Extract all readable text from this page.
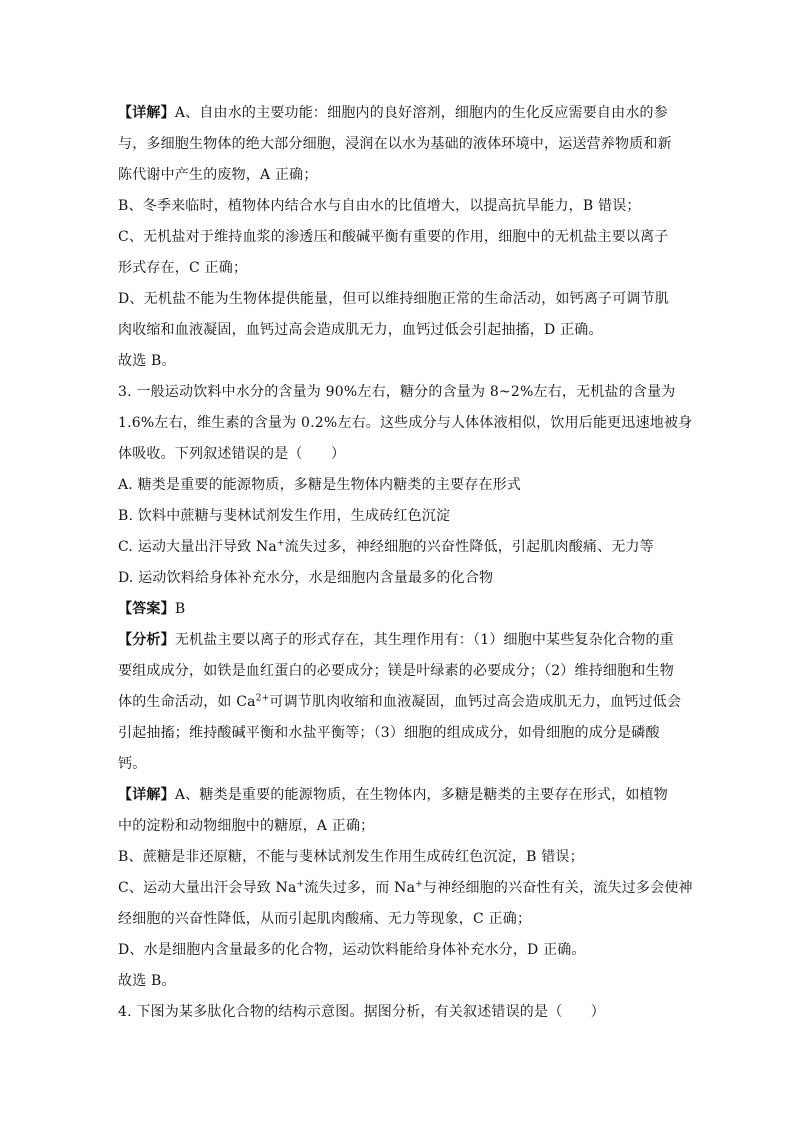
【详解】A、自由水的主要功能：细胞内的良好溶剂，细胞内的生化反应需要自由水的参
与，多细胞生物体的绝大部分细胞，浸润在以水为基础的液体环境中，运送营养物质和新
陈代谢中产生的废物，A 正确；
B、冬季来临时，植物体内结合水与自由水的比值增大，以提高抗旱能力，B 错误；
C、无机盐对于维持血浆的渗透压和酸碱平衡有重要的作用，细胞中的无机盐主要以离子
形式存在，C 正确；
D、无机盐不能为生物体提供能量，但可以维持细胞正常的生命活动，如钙离子可调节肌
肉收缩和血液凝固，血钙过高会造成肌无力，血钙过低会引起抽搐，D 正确。
故选 B。
3. 一般运动饮料中水分的含量为 90%左右，糖分的含量为 8~2%左右，无机盐的含量为
1.6%左右，维生素的含量为 0.2%左右。这些成分与人体体液相似，饮用后能更迅速地被身
体吸收。下列叙述错误的是（　　）
A. 糖类是重要的能源物质，多糖是生物体内糖类的主要存在形式
B. 饮料中蔗糖与斐林试剂发生作用，生成砖红色沉淀
C. 运动大量出汗导致 Na+流失过多，神经细胞的兴奋性降低，引起肌肉酸痛、无力等
D. 运动饮料给身体补充水分，水是细胞内含量最多的化合物
【答案】B
【分析】无机盐主要以离子的形式存在，其生理作用有：（1）细胞中某些复杂化合物的重
要组成成分，如铁是血红蛋白的必要成分；镁是叶绿素的必要成分；（2）维持细胞和生物
体的生命活动，如 $Ca^{2+}$可调节肌肉收缩和血液凝固，血钙过高会造成肌无力，血钙过低会
引起抽搐；维持酸碱平衡和水盐平衡等；（3）细胞的组成成分，如骨细胞的成分是磷酸
钙。
【详解】A、糖类是重要的能源物质，在生物体内，多糖是糖类的主要存在形式，如植物
中的淀粉和动物细胞中的糖原，A 正确；
B、蔗糖是非还原糖，不能与斐林试剂发生作用生成砖红色沉淀，B 错误；
C、运动大量出汗会导致 Na+流失过多，而 Na+与神经细胞的兴奋性有关，流失过多会使神
经细胞的兴奋性降低，从而引起肌肉酸痛、无力等现象，C 正确；
D、水是细胞内含量最多的化合物，运动饮料能给身体补充水分，D 正确。
故选 B。
4. 下图为某多肽化合物的结构示意图。据图分析，有关叙述错误的是（　　）
